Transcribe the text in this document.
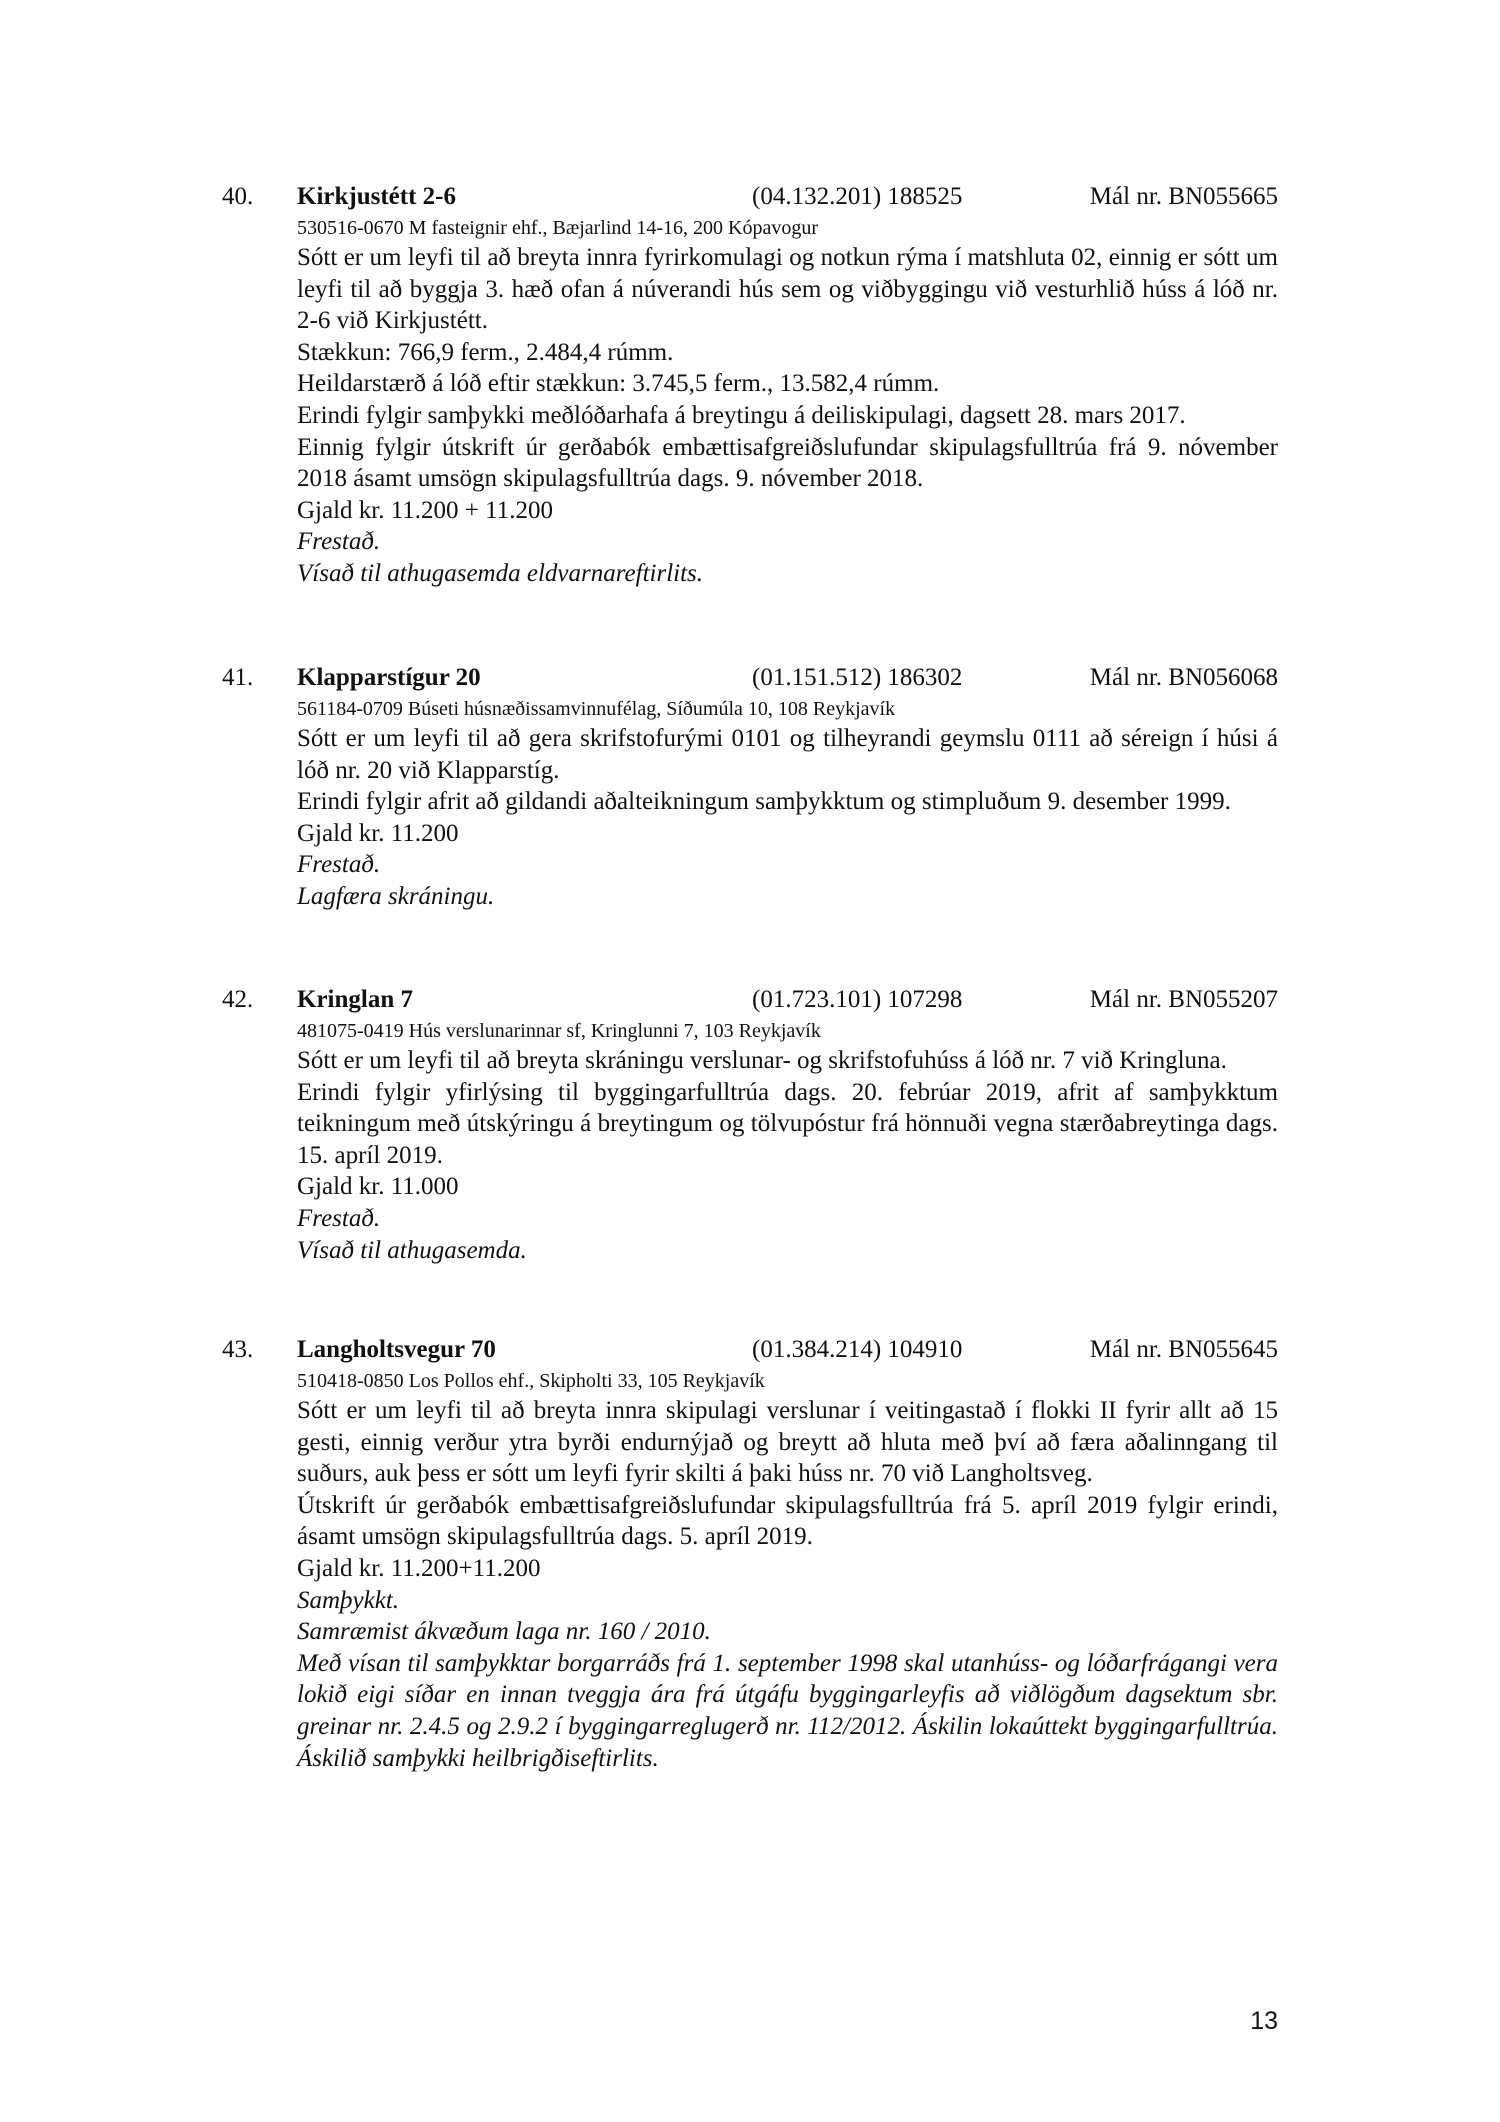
40. Kirkjustétt 2-6	(04.132.201) 188525	Mál nr. BN055665
530516-0670 M fasteignir ehf., Bæjarlind 14-16, 200 Kópavogur
Sótt er um leyfi til að breyta innra fyrirkomulagi og notkun rýma í matshluta 02, einnig er sótt um leyfi til að byggja 3. hæð ofan á núverandi hús sem og viðbyggingu við vesturhlið húss á lóð nr. 2-6 við Kirkjustétt.
Stækkun: 766,9 ferm., 2.484,4 rúmm.
Heildarstærð á lóð eftir stækkun: 3.745,5 ferm., 13.582,4 rúmm.
Erindi fylgir samþykki meðlóðarhafa á breytingu á deiliskipulagi, dagsett 28. mars 2017.
Einnig fylgir útskrift úr gerðabók embættisafgreiðslufundar skipulagsfulltrúa frá 9. nóvember 2018 ásamt umsögn skipulagsfulltrúa dags. 9. nóvember 2018.
Gjald kr. 11.200 + 11.200
Frestað.
Vísað til athugasemda eldvarnareftirlits.
41. Klapparstígur 20	(01.151.512) 186302	Mál nr. BN056068
561184-0709 Búseti húsnæðissamvinnufélag, Síðumúla 10, 108 Reykjavík
Sótt er um leyfi til að gera skrifstofurými 0101 og tilheyrandi geymslu 0111 að séreign í húsi á lóð nr. 20 við Klapparstíg.
Erindi fylgir afrit að gildandi aðalteikningum samþykktum og stimpluðum 9. desember 1999.
Gjald kr. 11.200
Frestað.
Lagfæra skráningu.
42. Kringlan 7	(01.723.101) 107298	Mál nr. BN055207
481075-0419 Hús verslunarinnar sf, Kringlunni 7, 103 Reykjavík
Sótt er um leyfi til að breyta skráningu verslunar- og skrifstofuhúss á lóð nr. 7 við Kringluna.
Erindi fylgir yfirlýsing til byggingarfulltrúa dags. 20. febrúar 2019, afrit af samþykktum teikningum með útskýringu á breytingum og tölvupóstur frá hönnuði vegna stærðabreytinga dags. 15. apríl 2019.
Gjald kr. 11.000
Frestað.
Vísað til athugasemda.
43. Langholtsvegur 70	(01.384.214) 104910	Mál nr. BN055645
510418-0850 Los Pollos ehf., Skipholti 33, 105 Reykjavík
Sótt er um leyfi til að breyta innra skipulagi verslunar í veitingastað í flokki II fyrir allt að 15 gesti, einnig verður ytra byrði endurnýjað og breytt að hluta með því að færa aðalinngang til suðurs, auk þess er sótt um leyfi fyrir skilti á þaki húss nr. 70 við Langholtsveg.
Útskrift úr gerðabók embættisafgreiðslufundar skipulagsfulltrúa frá 5. apríl 2019 fylgir erindi, ásamt umsögn skipulagsfulltrúa dags. 5. apríl 2019.
Gjald kr. 11.200+11.200
Samþykkt.
Samræmist ákvæðum laga nr. 160 / 2010.
Með vísan til samþykktar borgarráðs frá 1. september 1998 skal utanhúss- og lóðarfrágangi vera lokið eigi síðar en innan tveggja ára frá útgáfu byggingarleyfis að viðlögðum dagsektum sbr. greinar nr. 2.4.5 og 2.9.2 í byggingarreglugerð nr. 112/2012. Áskilin lokaúttekt byggingarfulltrúa. Áskilið samþykki heilbrigðiseftirlits.
13
